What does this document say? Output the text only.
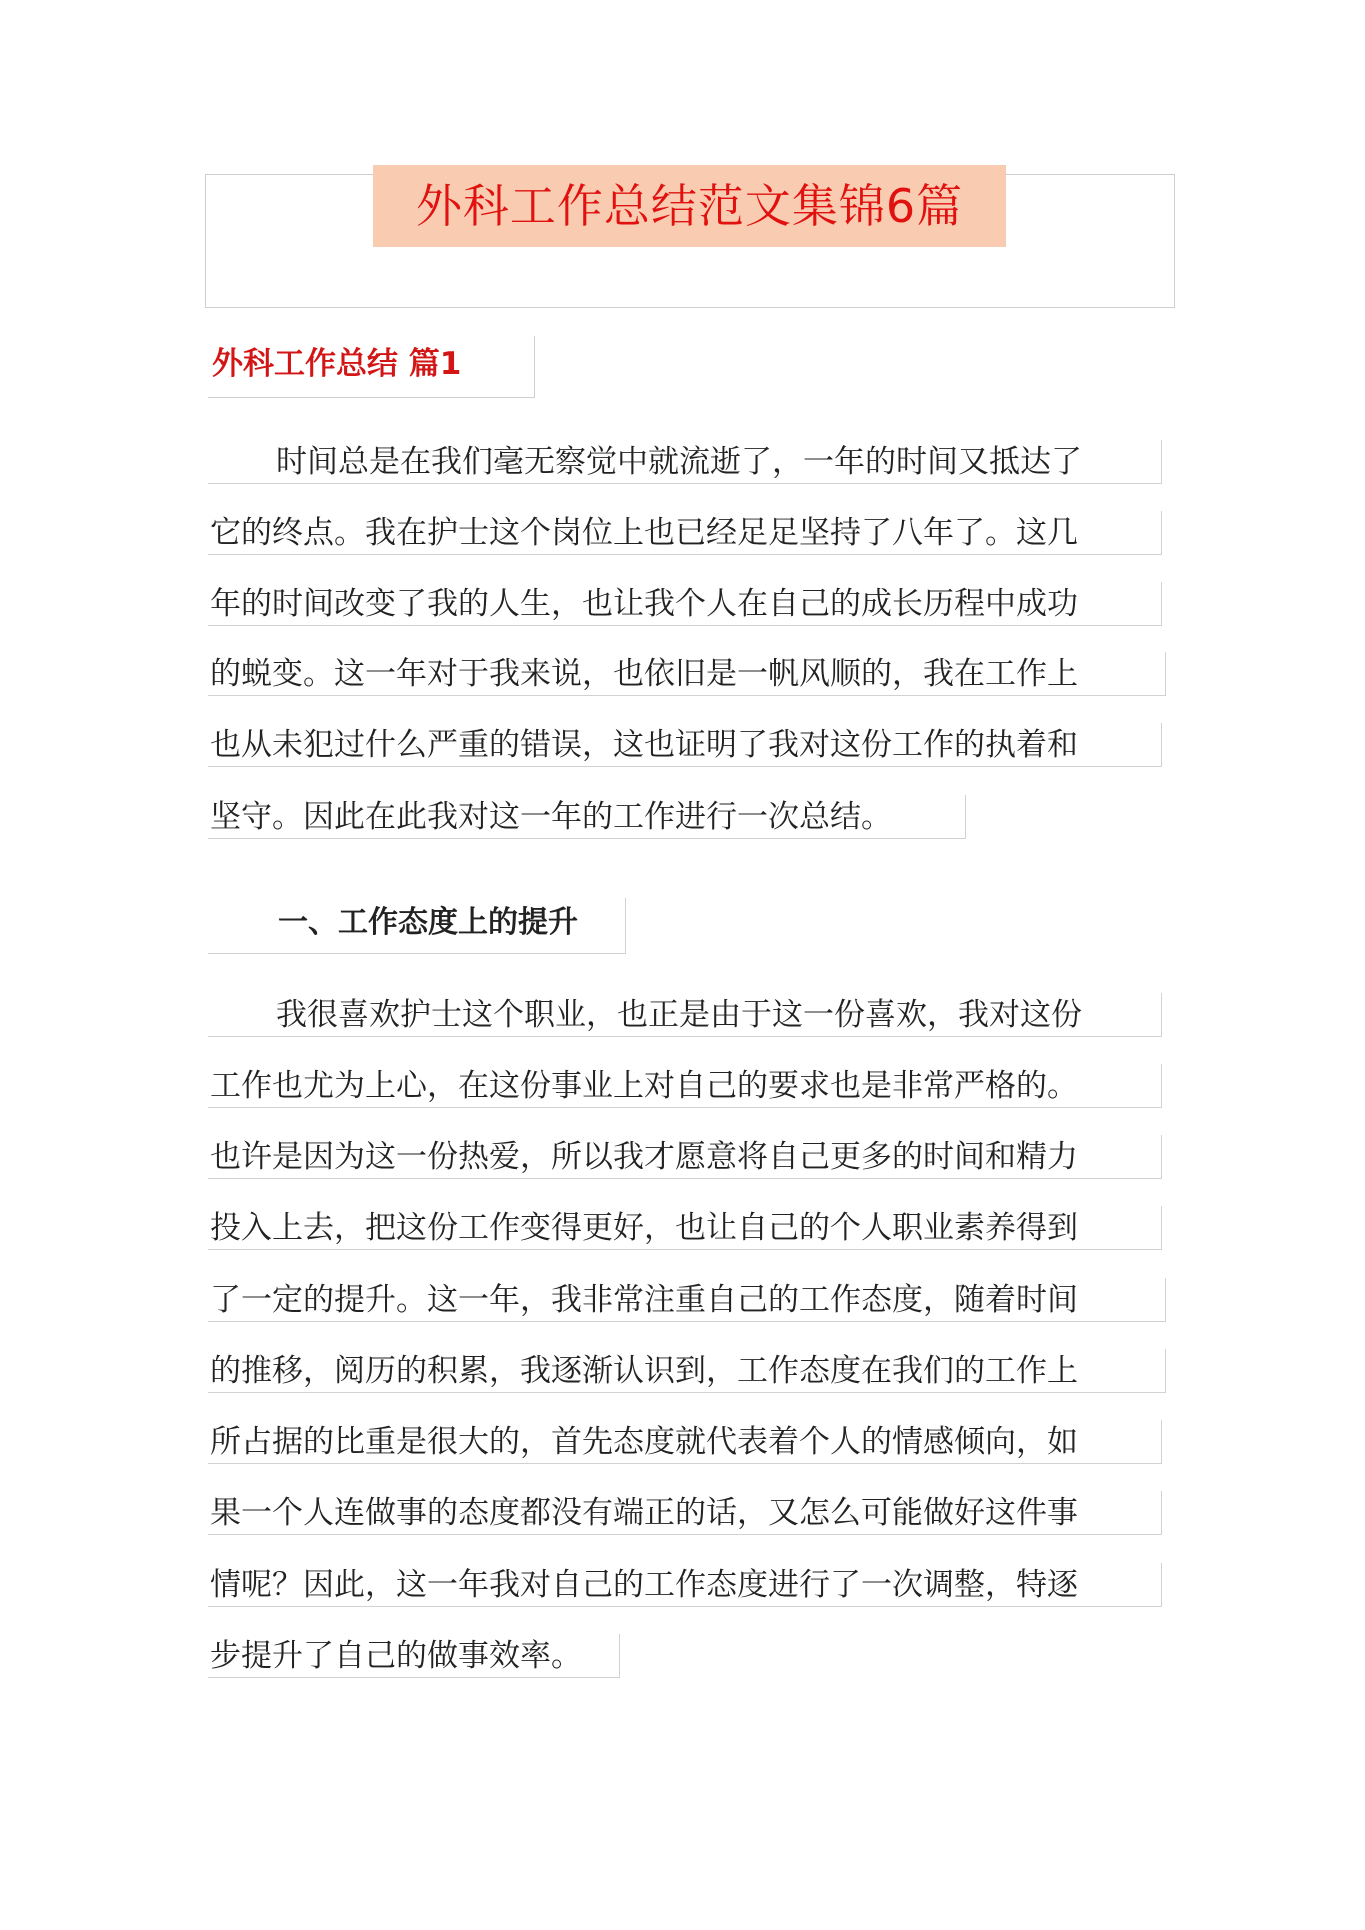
外科工作总结范文集锦6篇
外科工作总结 篇1
时间总是在我们毫无察觉中就流逝了，一年的时间又抵达了
它的终点。我在护士这个岗位上也已经足足坚持了八年了。这几
年的时间改变了我的人生，也让我个人在自己的成长历程中成功
的蜕变。这一年对于我来说，也依旧是一帆风顺的，我在工作上
也从未犯过什么严重的错误，这也证明了我对这份工作的执着和
坚守。因此在此我对这一年的工作进行一次总结。
一、工作态度上的提升
我很喜欢护士这个职业，也正是由于这一份喜欢，我对这份
工作也尤为上心，在这份事业上对自己的要求也是非常严格的。
也许是因为这一份热爱，所以我才愿意将自己更多的时间和精力
投入上去，把这份工作变得更好，也让自己的个人职业素养得到
了一定的提升。这一年，我非常注重自己的工作态度，随着时间
的推移，阅历的积累，我逐渐认识到，工作态度在我们的工作上
所占据的比重是很大的，首先态度就代表着个人的情感倾向，如
果一个人连做事的态度都没有端正的话，又怎么可能做好这件事
情呢？因此，这一年我对自己的工作态度进行了一次调整，特逐
步提升了自己的做事效率。
